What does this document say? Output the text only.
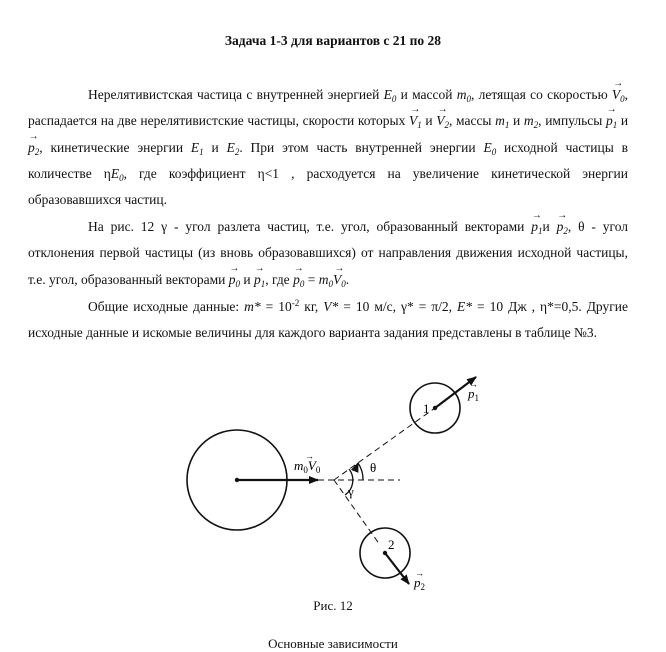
Задача 1-3 для вариантов с 21 по 28
Нерелятивистская частица с внутренней энергией $E_0$ и массой $m_0$, летящая со скоростью → $V_0$, распадается на две нерелятивистские частицы, скорости которых → $V_1$ $и \to V_2$, массы $m_1$ и $m_2$, импульсы → $p_1$ $и \to p_2$, кинетические энергии $E_1$ и $E_2$. При этом часть внутренней энергии $E_0$ исходной частицы в количестве $\eta E_0$, где коэффициент η<1 , расходуется на увеличение кинетической энергии образовавшихся частиц.
На рис. 12 γ - угол разлета частиц, т.е. угол, образованный векторами → $p_1и \to p_2$, θ - угол отклонения первой частицы (из вновь образовавшихся) от направления движения исходной частицы, т.е. угол, образованный векторами → $p_0$ $и \to p_1$, где → $p_0 = m_0\to V_0$.
Общие исходные данные: $m* = 10^{-2}$ кг, V* = 10 м/с, γ* = π/2, E* = 10 Дж , η*=0,5. Другие исходные данные и искомые величины для каждого варианта задания представлены в таблице №3.
$m_0V_0$
→
θ
γ
1
2
$p_1$
→
$p_2$
→
Рис. 12
Основные зависимости
